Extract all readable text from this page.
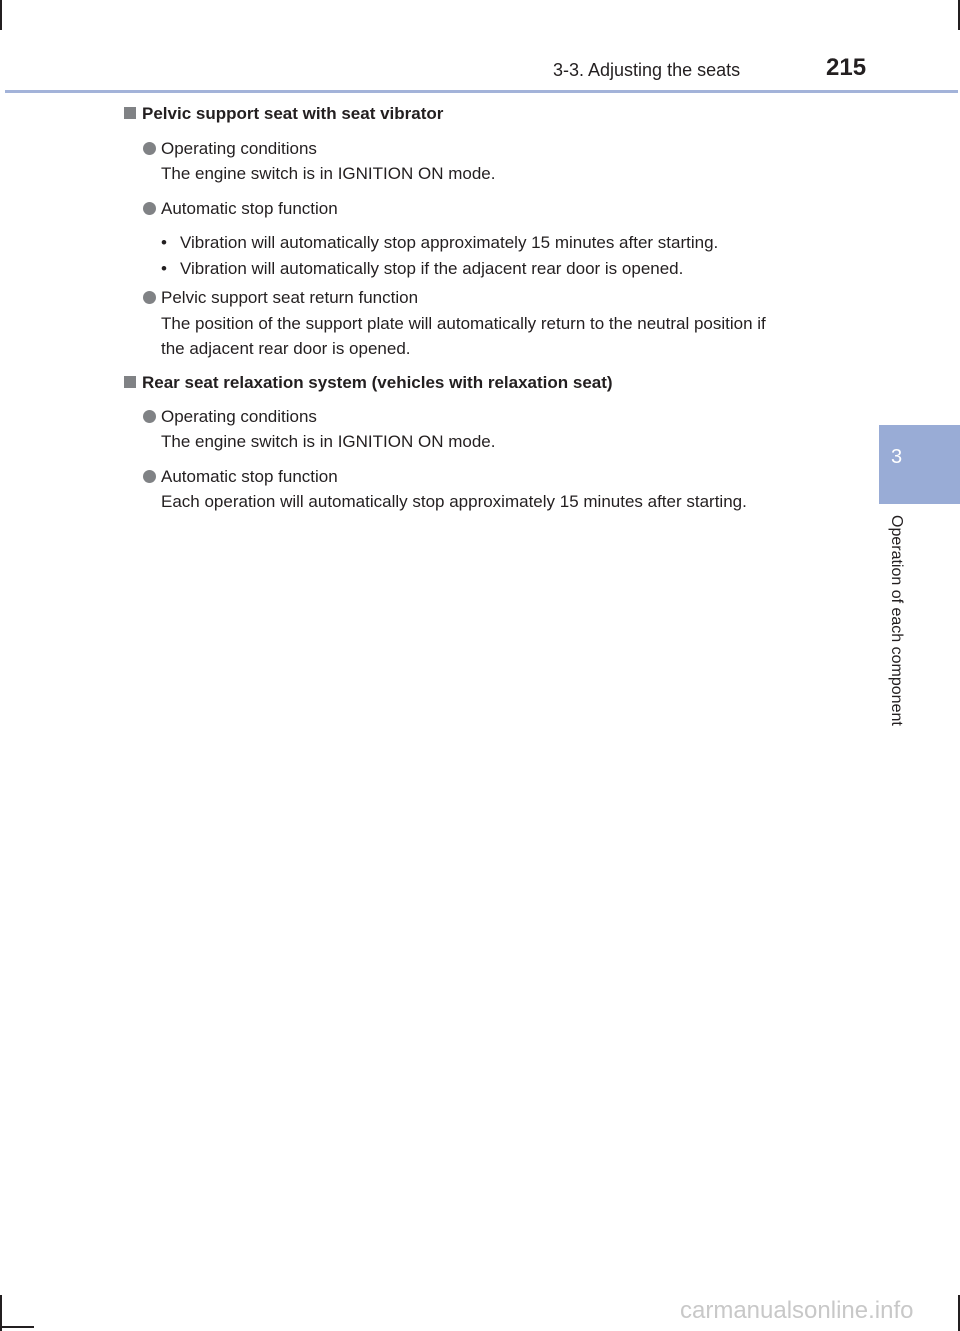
3-3. Adjusting the seats	215
3
Operation of each component
Pelvic support seat with seat vibrator
Operating conditions
The engine switch is in IGNITION ON mode.
Automatic stop function
• Vibration will automatically stop approximately 15 minutes after starting.
• Vibration will automatically stop if the adjacent rear door is opened.
Pelvic support seat return function
The position of the support plate will automatically return to the neutral position if
the adjacent rear door is opened.
Rear seat relaxation system (vehicles with relaxation seat)
Operating conditions
The engine switch is in IGNITION ON mode.
Automatic stop function
Each operation will automatically stop approximately 15 minutes after starting.
carmanualsonline.info
